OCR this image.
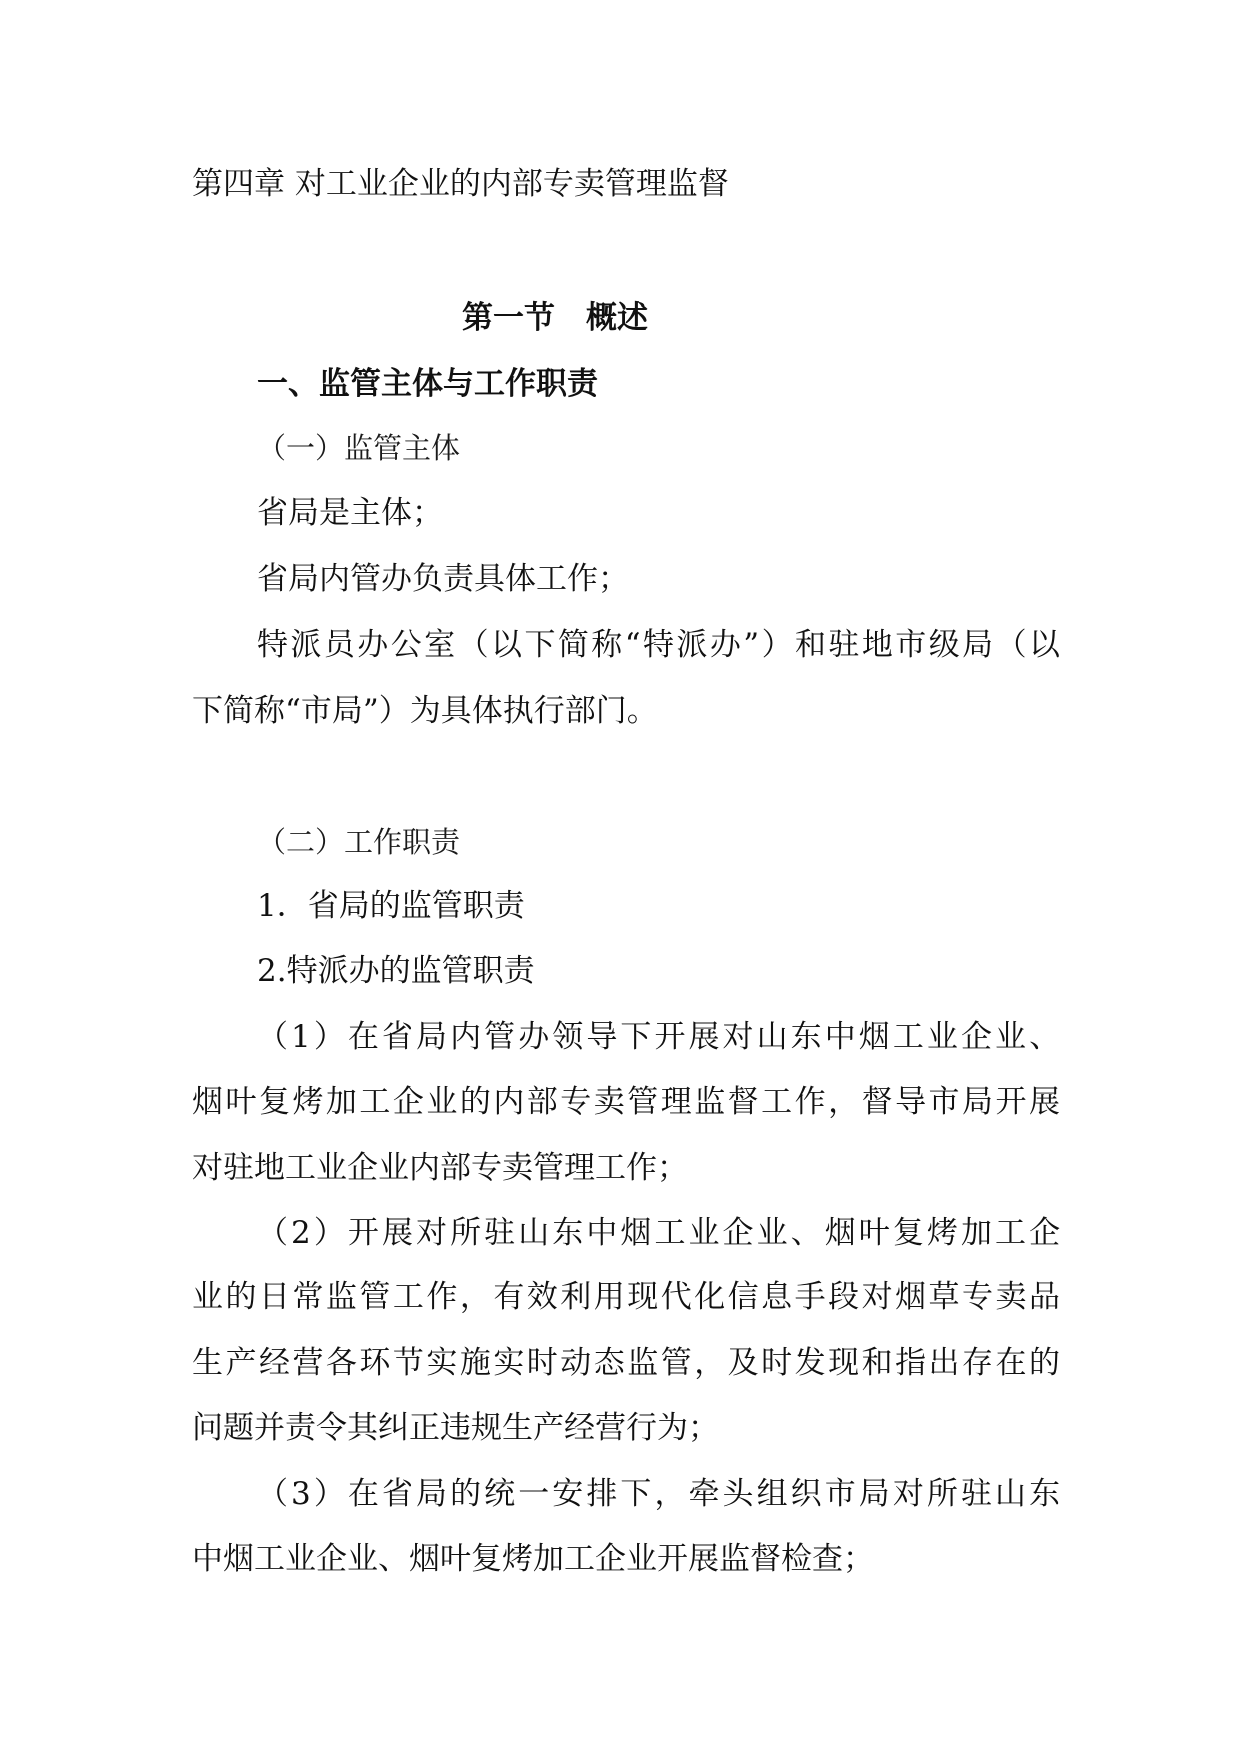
第四章 对工业企业的内部专卖管理监督
第一节　概述
一、监管主体与工作职责
（一）监管主体
省局是主体；
省局内管办负责具体工作；
特派员办公室（以下简称“特派办”）和驻地市级局（以
下简称“市局”）为具体执行部门。
（二）工作职责
1．省局的监管职责
2.特派办的监管职责
（1）在省局内管办领导下开展对山东中烟工业企业、
烟叶复烤加工企业的内部专卖管理监督工作，督导市局开展
对驻地工业企业内部专卖管理工作；
（2）开展对所驻山东中烟工业企业、烟叶复烤加工企
业的日常监管工作，有效利用现代化信息手段对烟草专卖品
生产经营各环节实施实时动态监管，及时发现和指出存在的
问题并责令其纠正违规生产经营行为；
（3）在省局的统一安排下，牵头组织市局对所驻山东
中烟工业企业、烟叶复烤加工企业开展监督检查；
